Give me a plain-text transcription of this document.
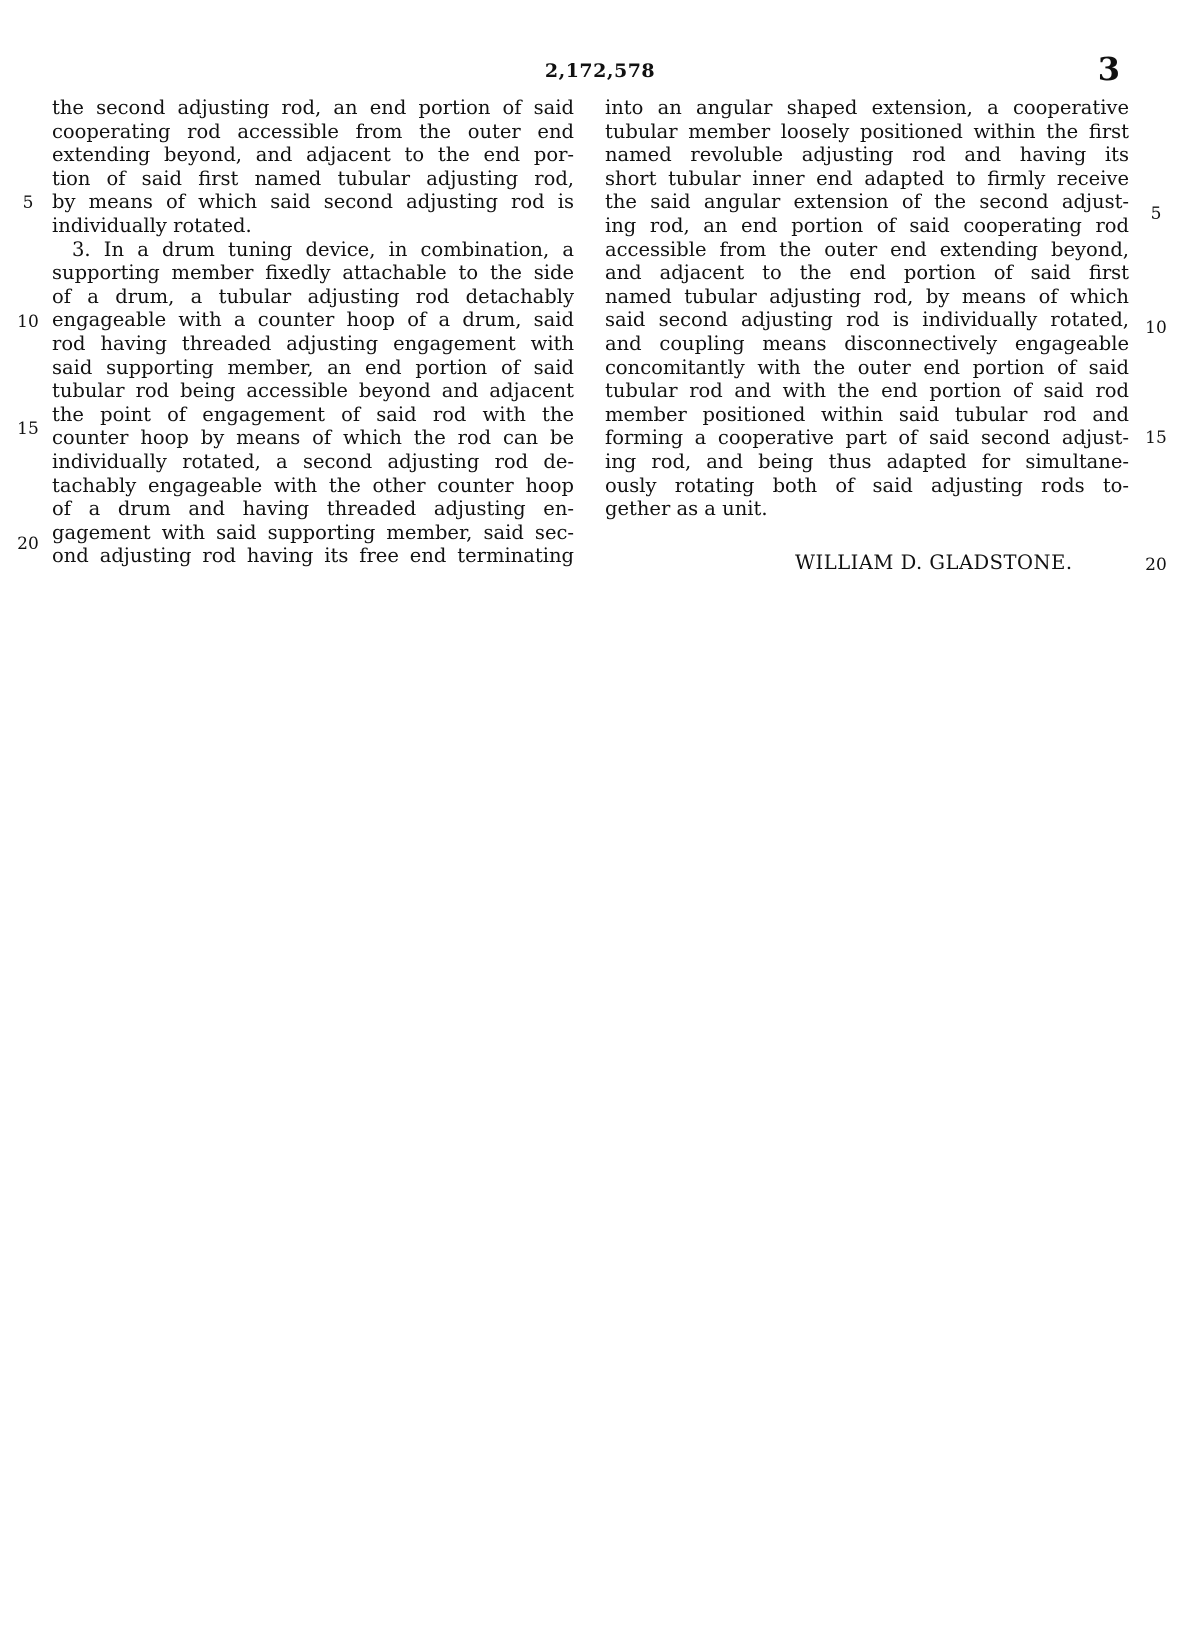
2,172,578	3
5
10
15
20
the second adjusting rod, an end portion of said
cooperating rod accessible from the outer end
extending beyond, and adjacent to the end por-
tion of said first named tubular adjusting rod,
by means of which said second adjusting rod is
individually rotated.
3. In a drum tuning device, in combination, a
supporting member fixedly attachable to the side
of a drum, a tubular adjusting rod detachably
engageable with a counter hoop of a drum, said
rod having threaded adjusting engagement with
said supporting member, an end portion of said
tubular rod being accessible beyond and adjacent
the point of engagement of said rod with the
counter hoop by means of which the rod can be
individually rotated, a second adjusting rod de-
tachably engageable with the other counter hoop
of a drum and having threaded adjusting en-
gagement with said supporting member, said sec-
ond adjusting rod having its free end terminating
into an angular shaped extension, a cooperative
tubular member loosely positioned within the first
named revoluble adjusting rod and having its
short tubular inner end adapted to firmly receive
the said angular extension of the second adjust-
ing rod, an end portion of said cooperating rod
accessible from the outer end extending beyond,
and adjacent to the end portion of said first
named tubular adjusting rod, by means of which
said second adjusting rod is individually rotated,
and coupling means disconnectively engageable
concomitantly with the outer end portion of said
tubular rod and with the end portion of said rod
member positioned within said tubular rod and
forming a cooperative part of said second adjust-
ing rod, and being thus adapted for simultane-
ously rotating both of said adjusting rods to-
gether as a unit.
5
10
15
20
WILLIAM D. GLADSTONE.
